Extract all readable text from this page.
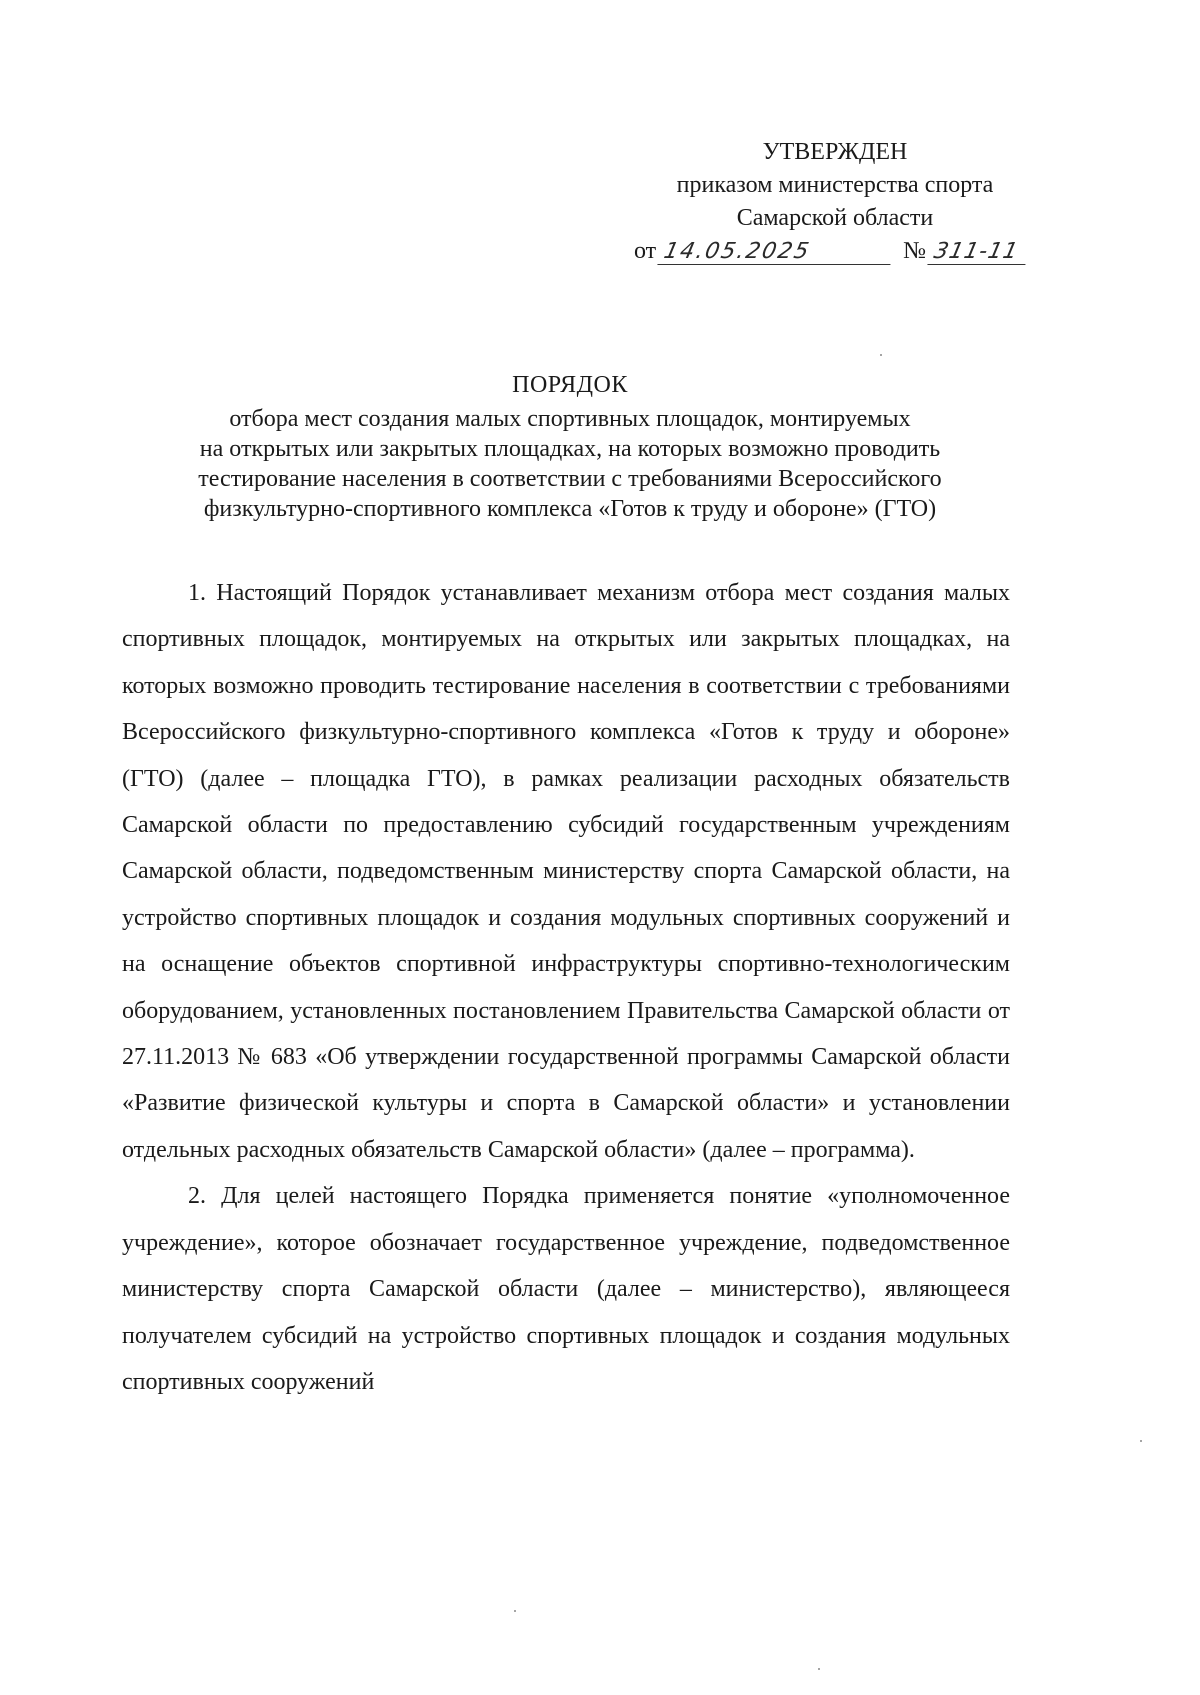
УТВЕРЖДЕН
приказом министерства спорта
Самарской области
от 14.05.2025	№ 311-11
ПОРЯДОК
отбора мест создания малых спортивных площадок, монтируемых
на открытых или закрытых площадках, на которых возможно проводить
тестирование населения в соответствии с требованиями Всероссийского
физкультурно-спортивного комплекса «Готов к труду и обороне» (ГТО)

1. Настоящий Порядок устанавливает механизм отбора мест создания малых спортивных площадок, монтируемых на открытых или закрытых площадках, на которых возможно проводить тестирование населения в соответствии с требованиями Всероссийского физкультурно-спортивного комплекса «Готов к труду и обороне» (ГТО) (далее – площадка ГТО), в рамках реализации расходных обязательств Самарской области по предоставлению субсидий государственным учреждениям Самарской области, подведомственным министерству спорта Самарской области, на устройство спортивных площадок и создания модульных спортивных сооружений и на оснащение объектов спортивной инфраструктуры спортивно-технологическим оборудованием, установленных постановлением Правительства Самарской области от 27.11.2013 № 683 «Об утверждении государственной программы Самарской области «Развитие физической культуры и спорта в Самарской области» и установлении отдельных расходных обязательств Самарской области» (далее – программа).

2. Для целей настоящего Порядка применяется понятие «уполномоченное учреждение», которое обозначает государственное учреждение, подведомственное министерству спорта Самарской области (далее – министерство), являющееся получателем субсидий на устройство спортивных площадок и создания модульных спортивных сооружений
